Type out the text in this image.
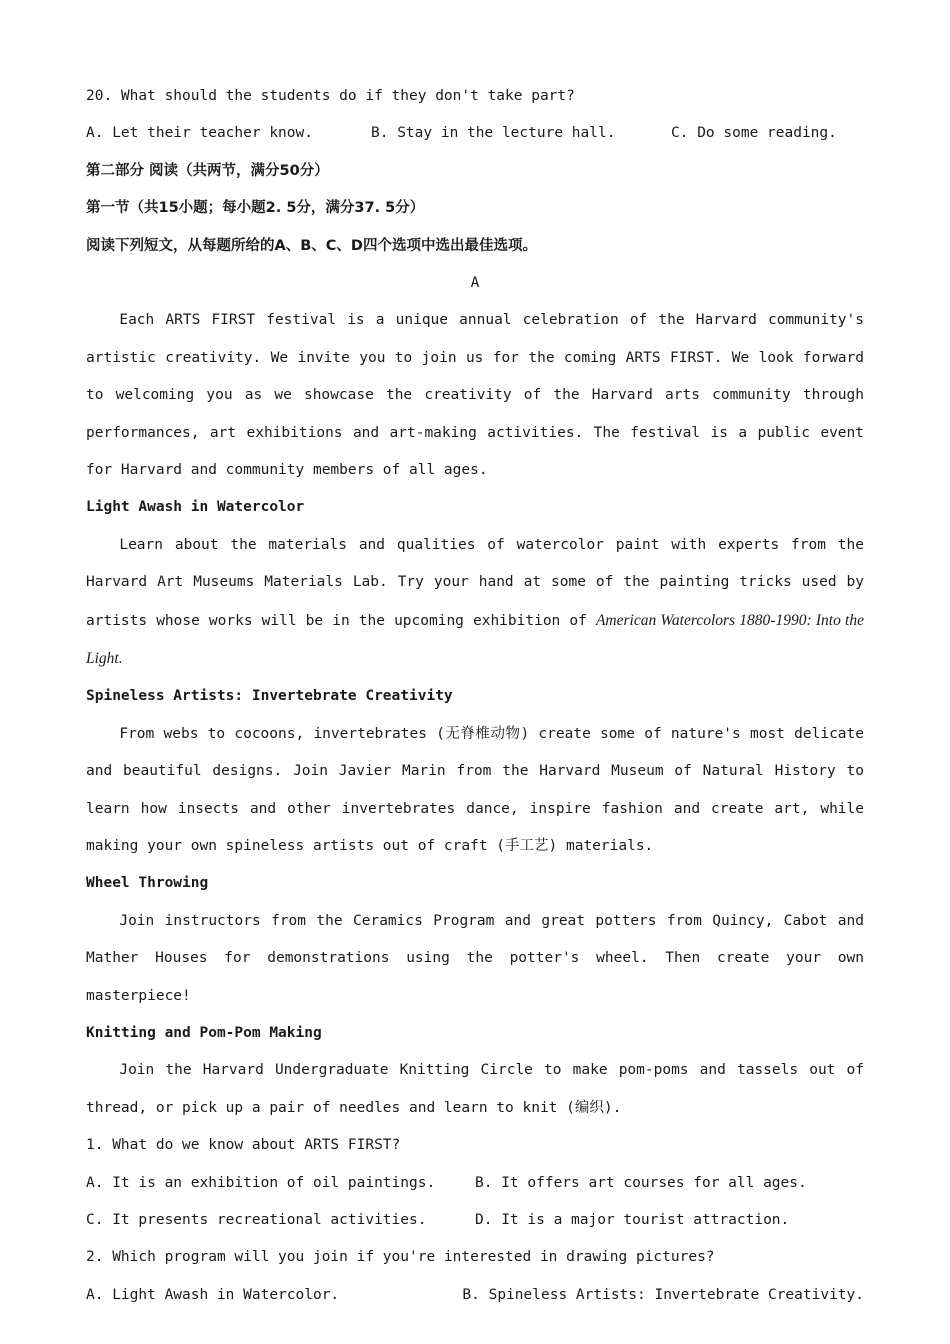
20. What should the students do if they don't take part?
A. Let their teacher know.	B. Stay in the lecture hall.	C. Do some reading.
第二部分 阅读（共两节，满分50分）
第一节（共15小题；每小题2. 5分，满分37. 5分）
阅读下列短文，从每题所给的A、B、C、D四个选项中选出最佳选项。
A
Each ARTS FIRST festival is a unique annual celebration of the Harvard community's artistic creativity. We invite you to join us for the coming ARTS FIRST. We look forward to welcoming you as we showcase the creativity of the Harvard arts community through performances, art exhibitions and art-making activities. The festival is a public event for Harvard and community members of all ages.
Light Awash in Watercolor
Learn about the materials and qualities of watercolor paint with experts from the Harvard Art Museums Materials Lab. Try your hand at some of the painting tricks used by artists whose works will be in the upcoming exhibition of American Watercolors 1880-1990: Into the Light.
Spineless Artists: Invertebrate Creativity
From webs to cocoons, invertebrates (无脊椎动物) create some of nature's most delicate and beautiful designs. Join Javier Marin from the Harvard Museum of Natural History to learn how insects and other invertebrates dance, inspire fashion and create art, while making your own spineless artists out of craft (手工艺) materials.
Wheel Throwing
Join instructors from the Ceramics Program and great potters from Quincy, Cabot and Mather Houses for demonstrations using the potter's wheel. Then create your own masterpiece!
Knitting and Pom-Pom Making
Join the Harvard Undergraduate Knitting Circle to make pom-poms and tassels out of thread, or pick up a pair of needles and learn to knit (编织).
1. What do we know about ARTS FIRST?
A. It is an exhibition of oil paintings.	B. It offers art courses for all ages.
C. It presents recreational activities.	D. It is a major tourist attraction.
2. Which program will you join if you're interested in drawing pictures?
A. Light Awash in Watercolor.	B. Spineless Artists: Invertebrate Creativity.
